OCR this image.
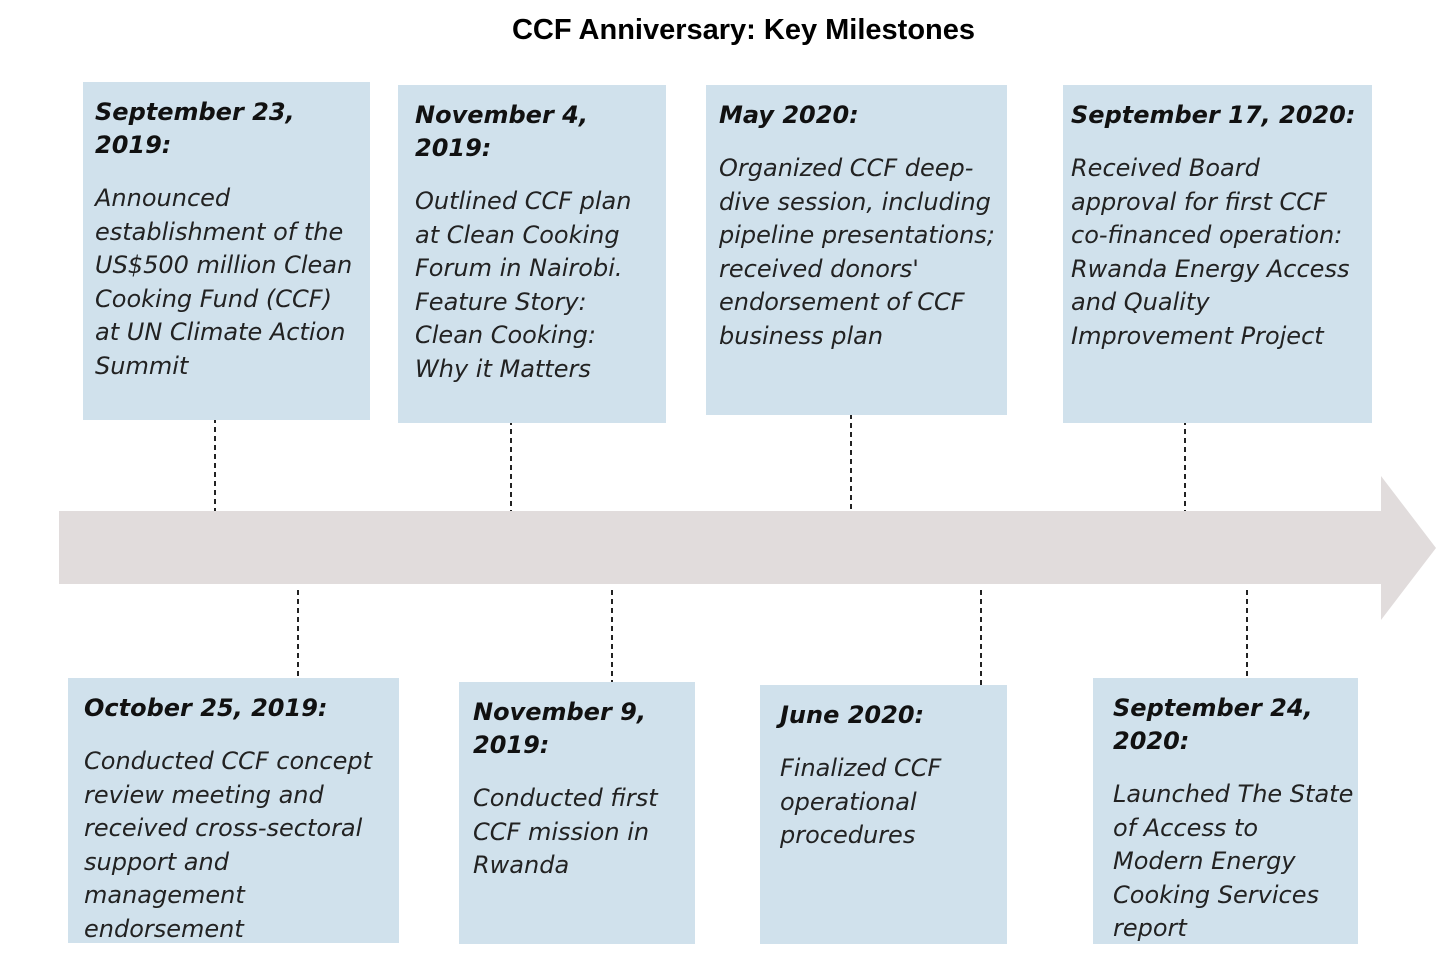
CCF Anniversary: Key Milestones
September 23, 2019:
Announced establishment of the US$500 million Clean Cooking Fund (CCF) at UN Climate Action Summit
November 4, 2019:
Outlined CCF plan at Clean Cooking Forum in Nairobi. Feature Story: Clean Cooking: Why it Matters
May 2020:
Organized CCF deep-dive session, including pipeline presentations; received donors' endorsement of CCF business plan
September 17, 2020:
Received Board approval for first CCF co-financed operation: Rwanda Energy Access and Quality Improvement Project
October 25, 2019:
Conducted CCF concept review meeting and received cross-sectoral support and management endorsement
November 9, 2019:
Conducted first CCF mission in Rwanda
June 2020:
Finalized CCF operational procedures
September 24, 2020:
Launched The State of Access to Modern Energy Cooking Services report
